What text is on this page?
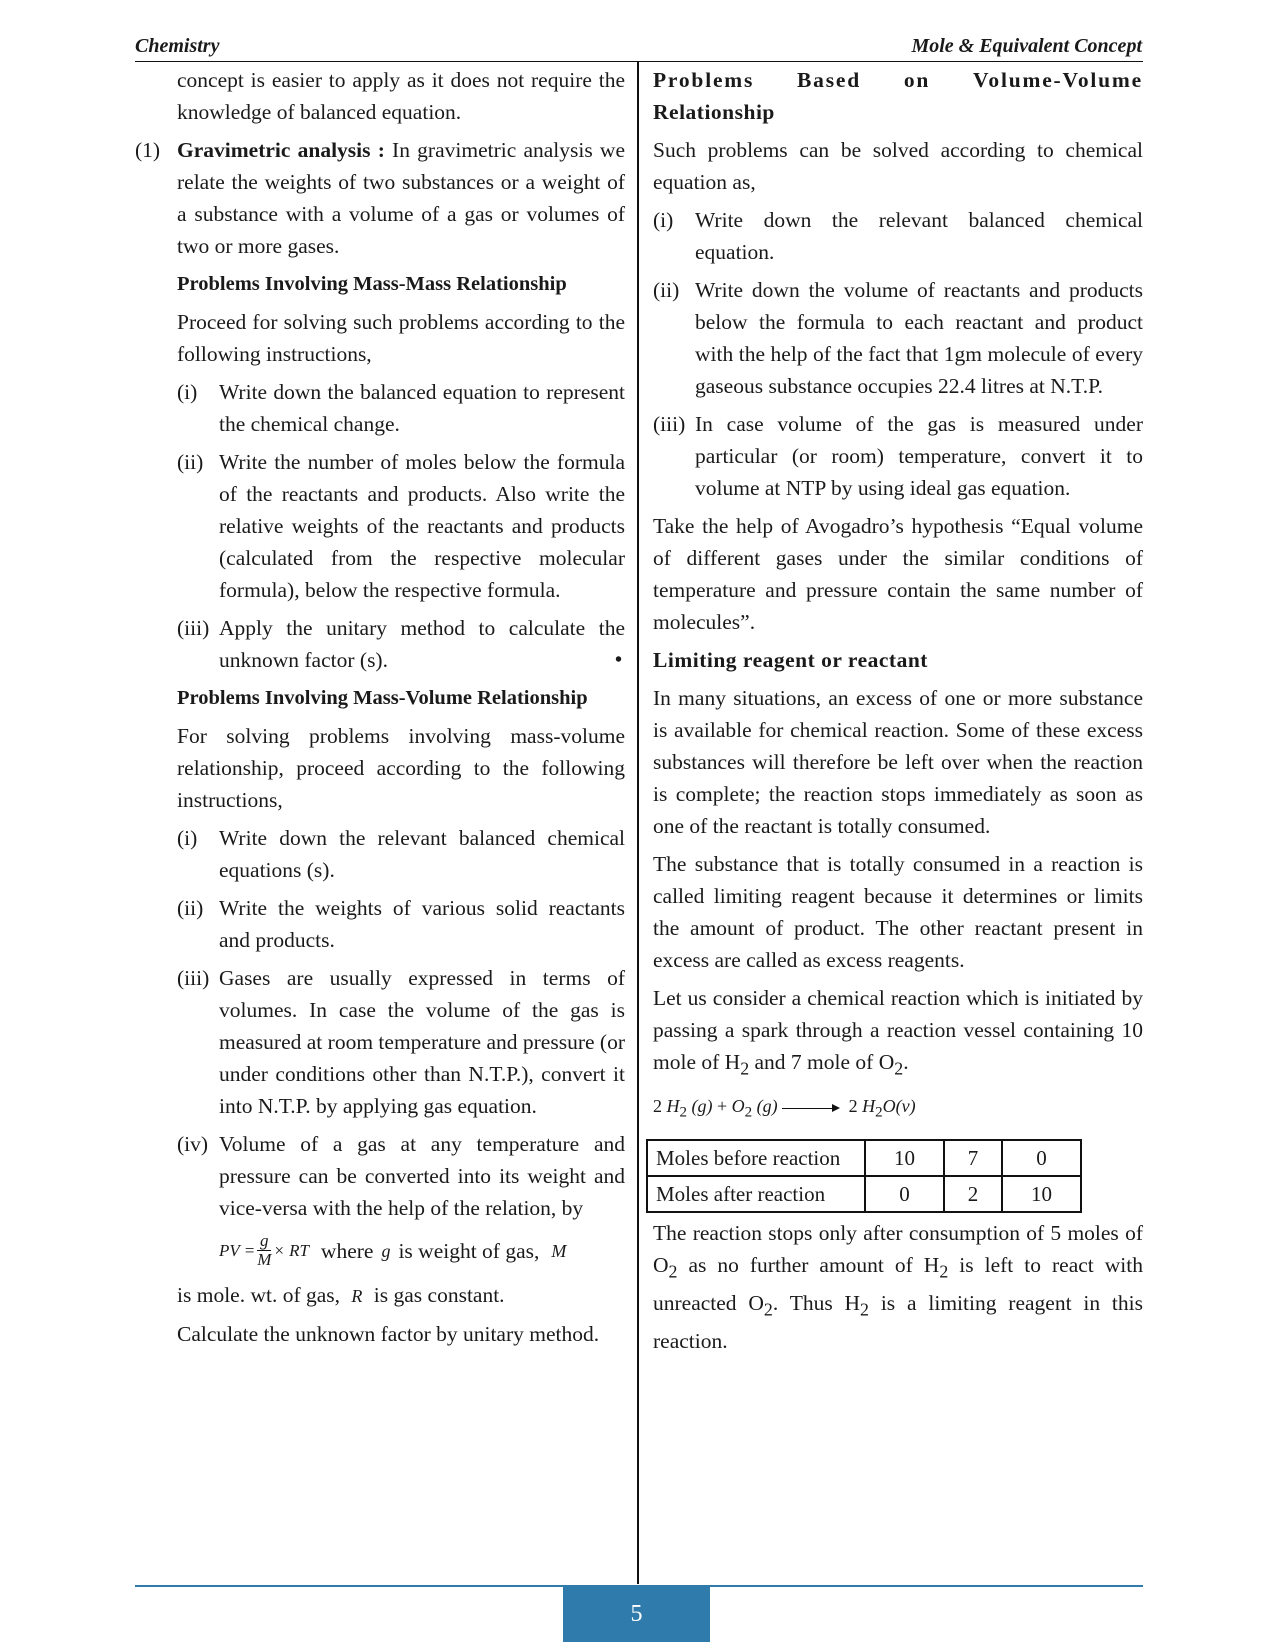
Chemistry	Mole & Equivalent Concept

concept is easier to apply as it does not require the knowledge of balanced equation.

(1) Gravimetric analysis : In gravimetric analysis we relate the weights of two substances or a weight of a substance with a volume of a gas or volumes of two or more gases.
Problems Involving Mass-Mass Relationship

Proceed for solving such problems according to the following instructions,

(i)	Write down the balanced equation to represent the chemical change.
(ii) Write the number of moles below the formula of the reactants and products. Also write the relative weights of the reactants and products (calculated from the respective molecular formula), below the respective formula.
(iii) Apply the unitary method to calculate the unknown factor (s).
Problems Involving Mass-Volume Relationship

For solving problems involving mass-volume relationship, proceed according to the following instructions,

(i)	Write down the relevant balanced chemical equations (s).
(ii) Write the weights of various solid reactants and products.
(iii) Gases are usually expressed in terms of volumes. In case the volume of the gas is measured at room temperature and pressure (or under conditions other than N.T.P.), convert it into N.T.P. by applying gas equation.
(iv) Volume of a gas at any temperature and pressure can be converted into its weight and vice-versa with the help of the relation, by
PV = $\frac{g}{M}$ × RT where g is weight of gas, M

is mole. wt. of gas, R is gas constant.

Calculate the unknown factor by unitary method.

Problems Based on Volume-Volume
Relationship

Such problems can be solved according to chemical equation as,

(i)	Write down the relevant balanced chemical equation.
(ii) Write down the volume of reactants and products below the formula to each reactant and product with the help of the fact that 1gm molecule of every gaseous substance occupies 22.4 litres at N.T.P.
(iii) In case volume of the gas is measured under particular (or room) temperature, convert it to volume at NTP by using ideal gas equation.

Take the help of Avogadro’s hypothesis “Equal volume of different gases under the similar conditions of temperature and pressure contain the same number of molecules”.

• Limiting reagent or reactant

In many situations, an excess of one or more substance is available for chemical reaction. Some of these excess substances will therefore be left over when the reaction is complete; the reaction stops immediately as soon as one of the reactant is totally consumed.

The substance that is totally consumed in a reaction is called limiting reagent because it determines or limits the amount of product. The other reactant present in excess are called as excess reagents.

Let us consider a chemical reaction which is initiated by passing a spark through a reaction vessel containing 10 mole of $H_2$ and 7 mole of $O_2$.

2 $H_2$ $(g) + O_2$ (g) → 2 $H_2O(v)$
Moles before reaction	10	7	0
Moles after reaction	0	2	10

The reaction stops only after consumption of 5 moles of $O_2$ as no further amount of $H_2$ is left to react with unreacted $O_2$. Thus $H_2$ is a limiting reagent in this reaction.

5
